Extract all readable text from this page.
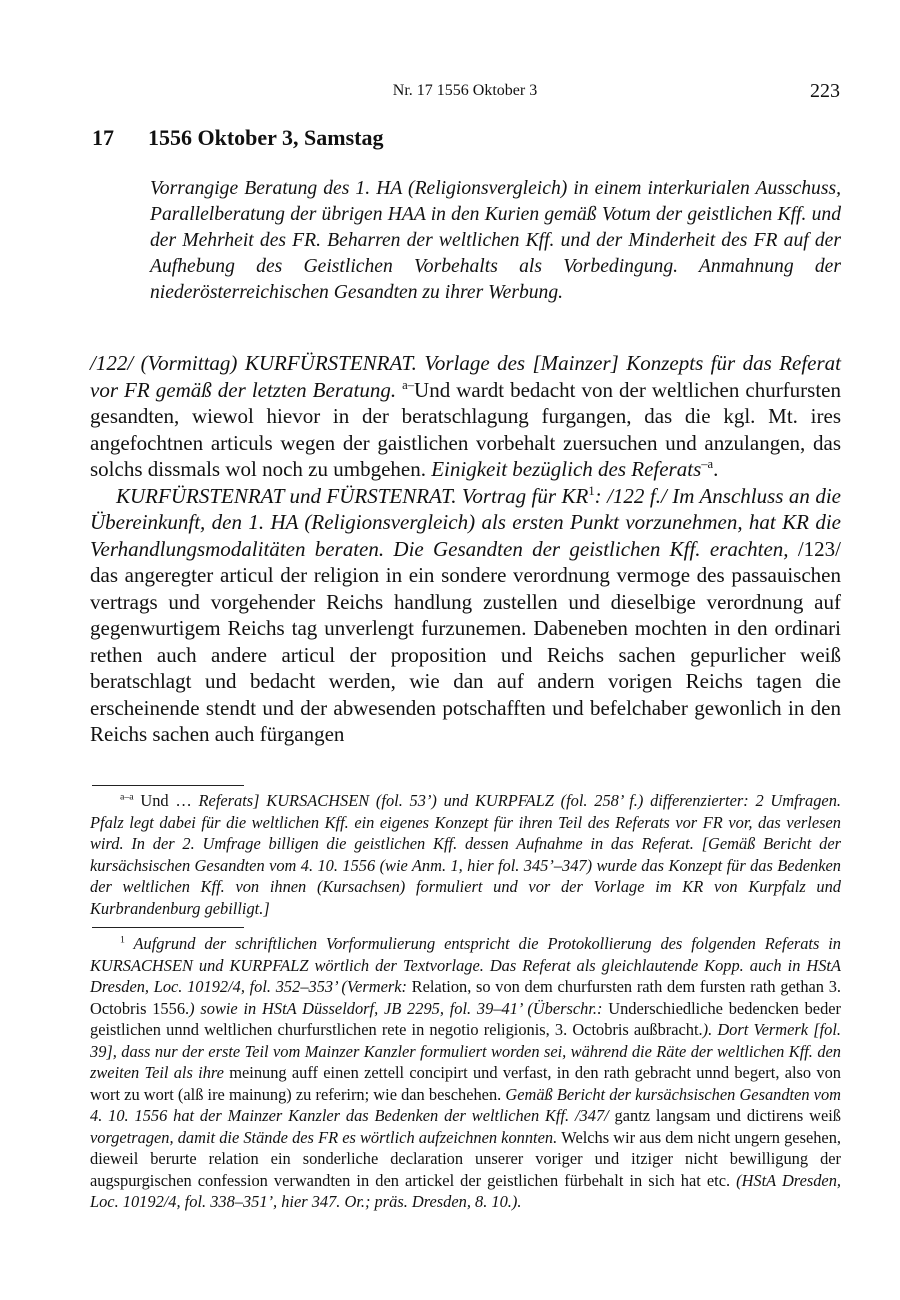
Nr. 17 1556 Oktober 3	223
17 1556 Oktober 3, Samstag
Vorrangige Beratung des 1. HA (Religionsvergleich) in einem interkurialen Ausschuss, Parallelberatung der übrigen HAA in den Kurien gemäß Votum der geistlichen Kff. und der Mehrheit des FR. Beharren der weltlichen Kff. und der Minderheit des FR auf der Aufhebung des Geistlichen Vorbehalts als Vorbedingung. Anmahnung der niederösterreichischen Gesandten zu ihrer Werbung.

/122/ (Vormittag) KURFÜRSTENRAT. Vorlage des [Mainzer] Konzepts für das Referat vor FR gemäß der letzten Beratung. $^{a-}$Und wardt bedacht von der weltlichen churfursten gesandten, wiewol hievor in der beratschlagung furgangen, das die kgl. Mt. ires angefochtnen articuls wegen der gaistlichen vorbehalt zuersuchen und anzulangen, das solchs dissmals wol noch zu umbgehen. Einigkeit bezüglich des Referats$^{-a}$.

KURFÜRSTENRAT und FÜRSTENRAT. Vortrag für $KR^1$: /122 f./ Im Anschluss an die Übereinkunft, den 1. HA (Religionsvergleich) als ersten Punkt vorzunehmen, hat KR die Verhandlungsmodalitäten beraten. Die Gesandten der geistlichen Kff. erachten, /123/ das angeregter articul der religion in ein sondere verordnung vermoge des passauischen vertrags und vorgehender Reichs handlung zustellen und dieselbige verordnung auf gegenwurtigem Reichs tag unverlengt furzunemen. Dabeneben mochten in den ordinari rethen auch andere articul der proposition und Reichs sachen gepurlicher weiß beratschlagt und bedacht werden, wie dan auf andern vorigen Reichs tagen die erscheinende stendt und der abwesenden potschafften und befelchaber gewonlich in den Reichs sachen auch fürgangen

$^{a-a}$ Und … Referats] KURSACHSEN (fol. 53’) und KURPFALZ (fol. 258’ f.) differenzierter: 2 Umfragen. Pfalz legt dabei für die weltlichen Kff. ein eigenes Konzept für ihren Teil des Referats vor FR vor, das verlesen wird. In der 2. Umfrage billigen die geistlichen Kff. dessen Aufnahme in das Referat. [Gemäß Bericht der kursächsischen Gesandten vom 4. 10. 1556 (wie Anm. 1, hier fol. 345’–347) wurde das Konzept für das Bedenken der weltlichen Kff. von ihnen (Kursachsen) formuliert und vor der Vorlage im KR von Kurpfalz und Kurbrandenburg gebilligt.]

$^1$ Aufgrund der schriftlichen Vorformulierung entspricht die Protokollierung des folgenden Referats in KURSACHSEN und KURPFALZ wörtlich der Textvorlage. Das Referat als gleichlautende Kopp. auch in HStA Dresden, Loc. 10192/4, fol. 352–353’ (Vermerk: Relation, so von dem churfursten rath dem fursten rath gethan 3. Octobris 1556.) sowie in HStA Düsseldorf, JB 2295, fol. 39–41’ (Überschr.: Underschiedliche bedencken beder geistlichen unnd weltlichen churfurstlichen rete in negotio religionis, 3. Octobris außbracht.). Dort Vermerk [fol. 39], dass nur der erste Teil vom Mainzer Kanzler formuliert worden sei, während die Räte der weltlichen Kff. den zweiten Teil als ihre meinung auff einen zettell concipirt und verfast, in den rath gebracht unnd begert, also von wort zu wort (alß ire mainung) zu referirn; wie dan beschehen. Gemäß Bericht der kursächsischen Gesandten vom 4. 10. 1556 hat der Mainzer Kanzler das Bedenken der weltlichen Kff. /347/ gantz langsam und dictirens weiß vorgetragen, damit die Stände des FR es wörtlich aufzeichnen konnten. Welchs wir aus dem nicht ungern gesehen, dieweil berurte relation ein sonderliche declaration unserer voriger und itziger nicht bewilligung der augspurgischen confession verwandten in den artickel der geistlichen fürbehalt in sich hat etc. (HStA Dresden, Loc. 10192/4, fol. 338–351’, hier 347. Or.; präs. Dresden, 8. 10.).
